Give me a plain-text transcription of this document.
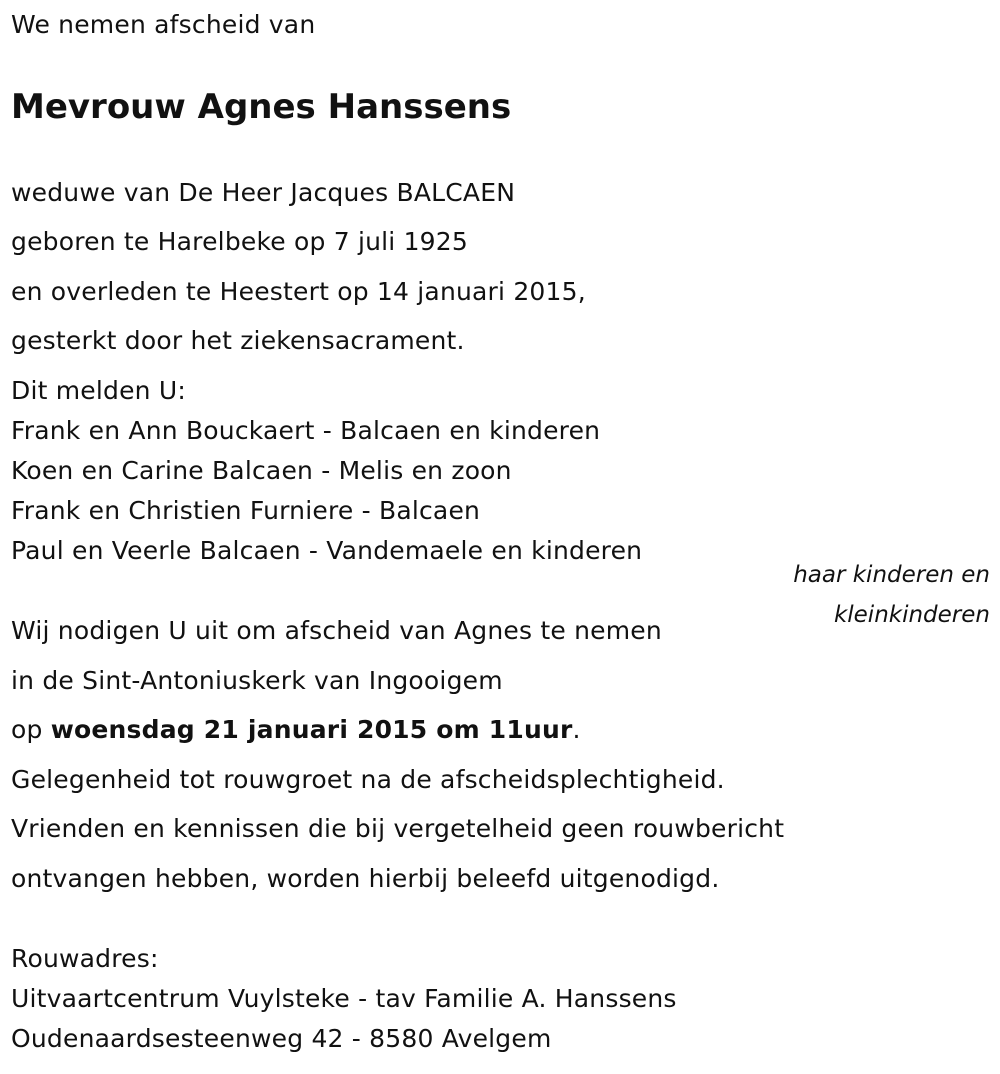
We nemen afscheid van
Mevrouw Agnes Hanssens
weduwe van De Heer Jacques BALCAEN
geboren te Harelbeke op 7 juli 1925
en overleden te Heestert op 14 januari 2015,
gesterkt door het ziekensacrament.
Dit melden U:
Frank en Ann Bouckaert - Balcaen en kinderen
Koen en Carine Balcaen - Melis en zoon
Frank en Christien Furniere - Balcaen
Paul en Veerle Balcaen - Vandemaele en kinderen
haar kinderen en
kleinkinderen
Wij nodigen U uit om afscheid van Agnes te nemen
in de Sint-Antoniuskerk van Ingooigem
op woensdag 21 januari 2015 om 11uur.
Gelegenheid tot rouwgroet na de afscheidsplechtigheid.
Vrienden en kennissen die bij vergetelheid geen rouwbericht
ontvangen hebben, worden hierbij beleefd uitgenodigd.
Rouwadres:
Uitvaartcentrum Vuylsteke - tav Familie A. Hanssens
Oudenaardsesteenweg 42 - 8580 Avelgem
